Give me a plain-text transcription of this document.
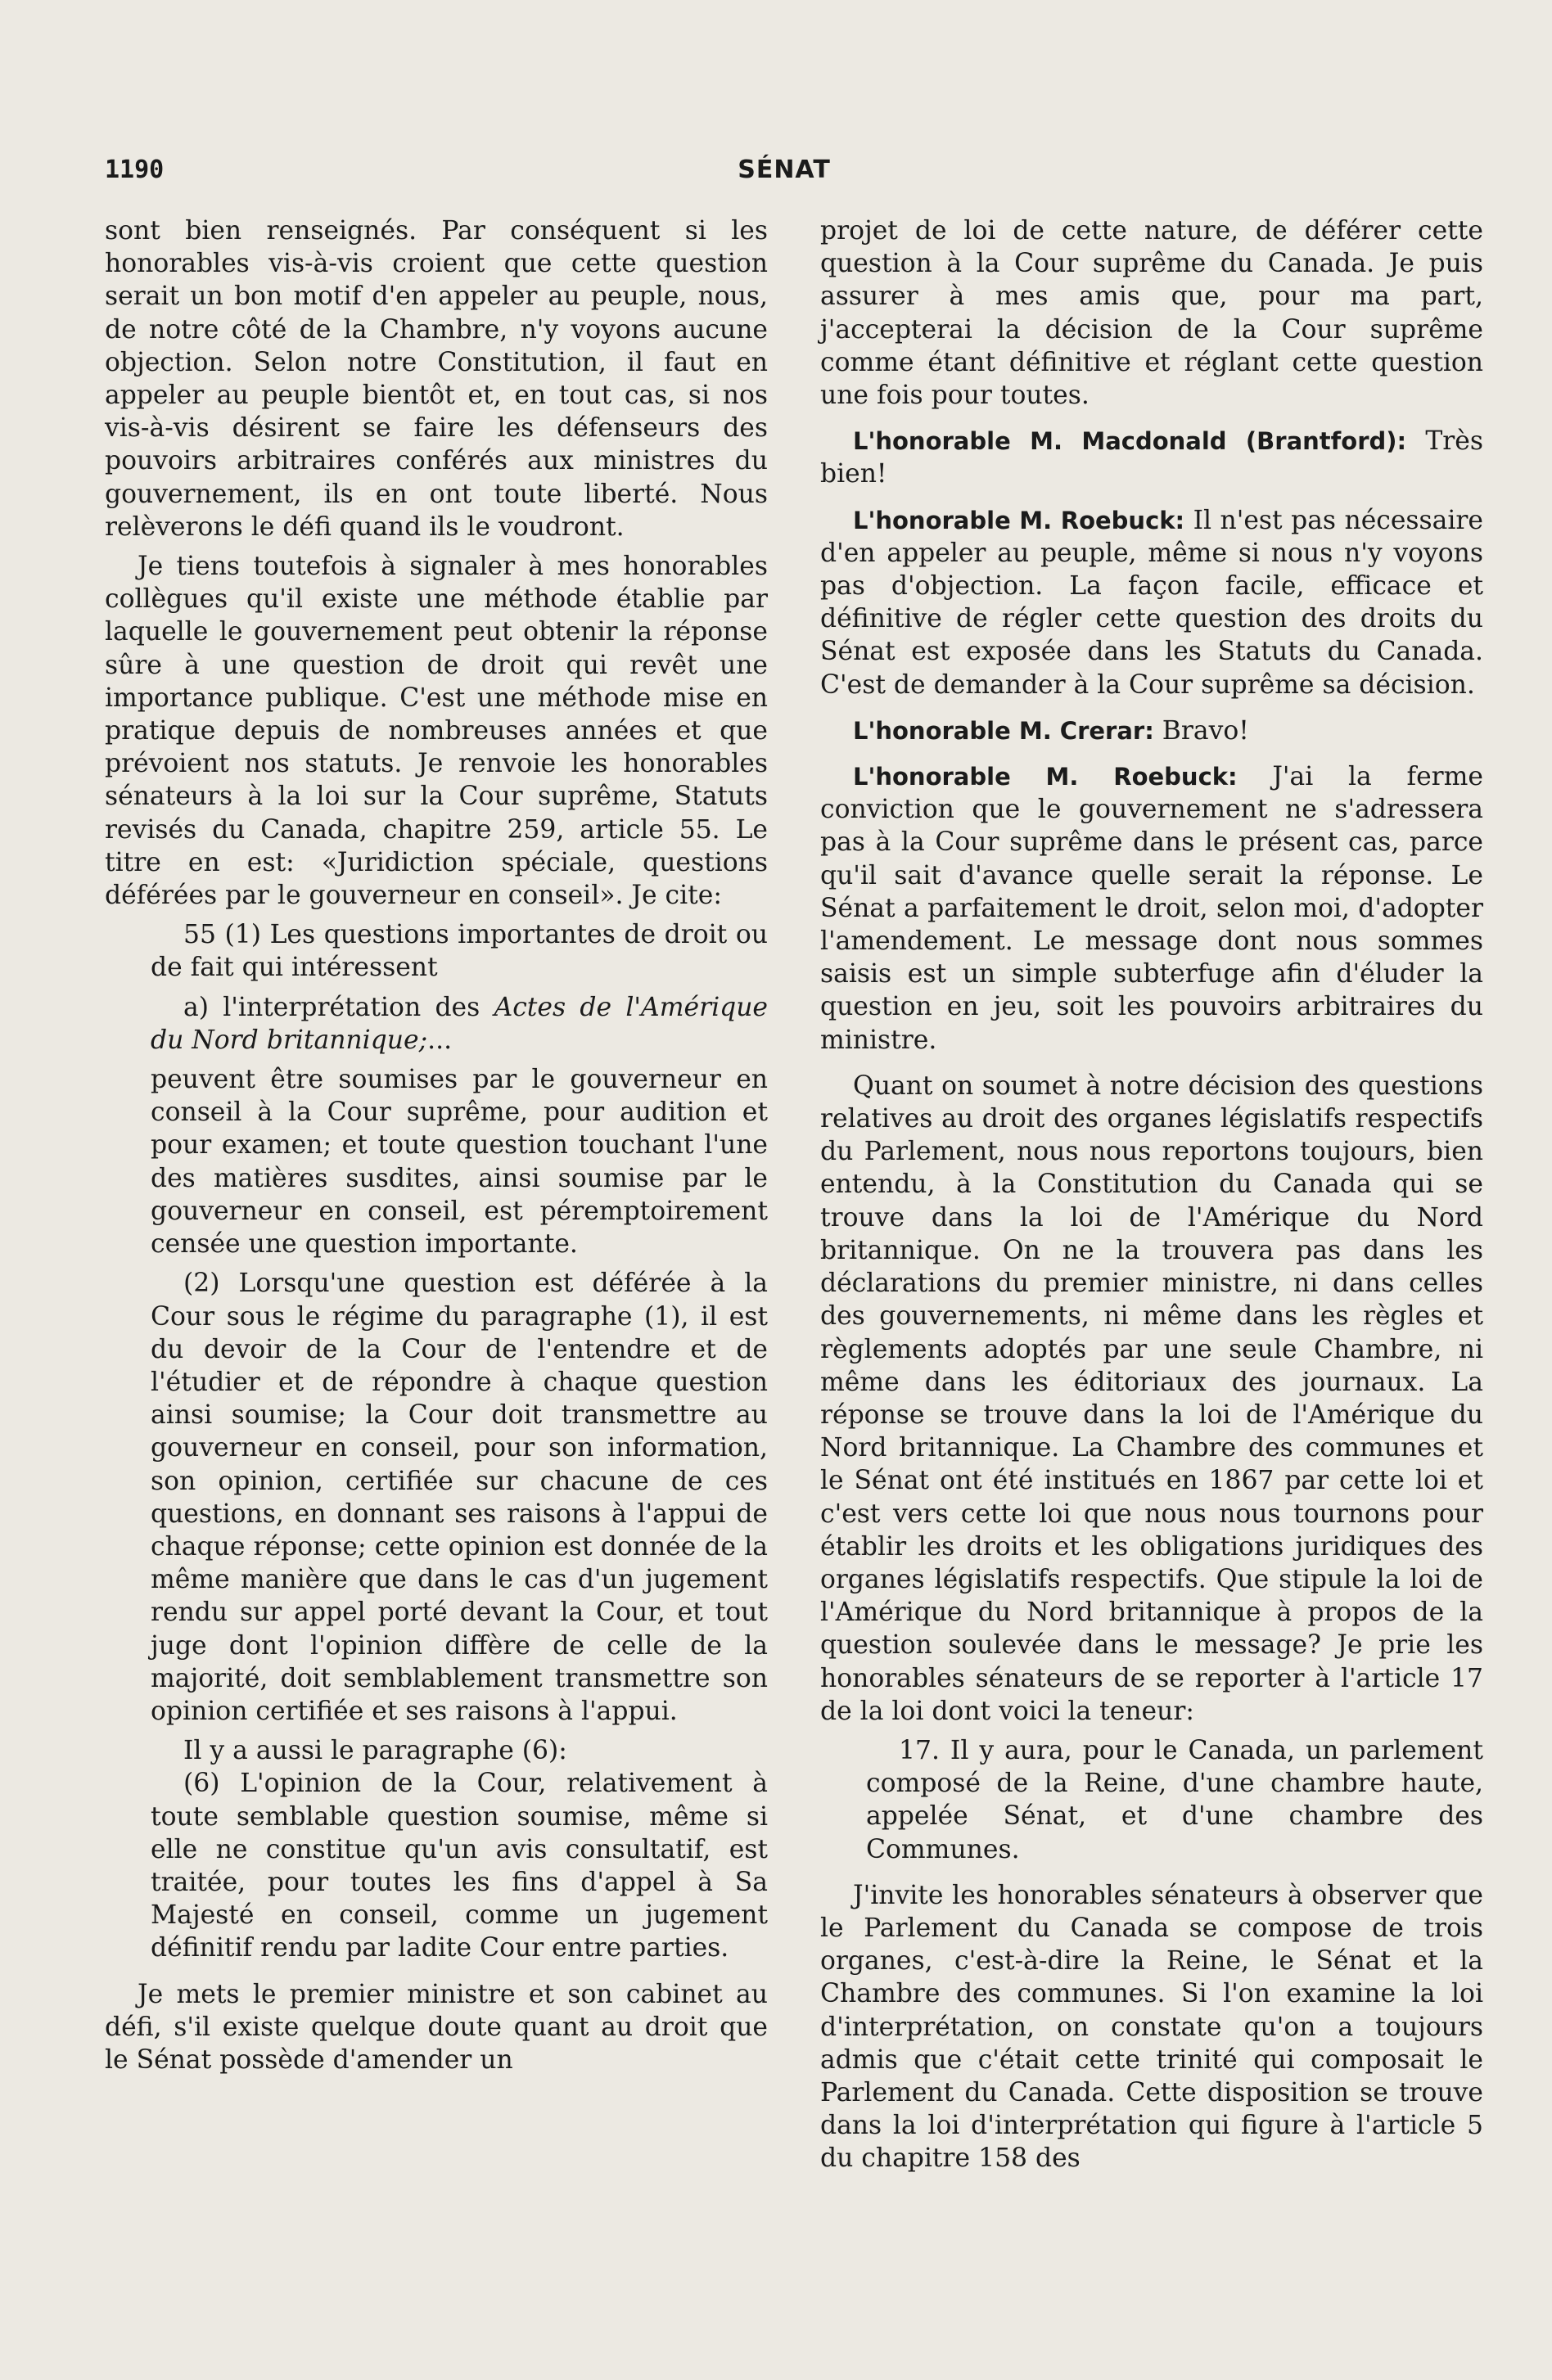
1190	SÉNAT

sont bien renseignés. Par conséquent si les honorables vis-à-vis croient que cette question serait un bon motif d'en appeler au peuple, nous, de notre côté de la Chambre, n'y voyons aucune objection. Selon notre Constitution, il faut en appeler au peuple bientôt et, en tout cas, si nos vis-à-vis désirent se faire les défenseurs des pouvoirs arbitraires conférés aux ministres du gouvernement, ils en ont toute liberté. Nous relèverons le défi quand ils le voudront.

Je tiens toutefois à signaler à mes honorables collègues qu'il existe une méthode établie par laquelle le gouvernement peut obtenir la réponse sûre à une question de droit qui revêt une importance publique. C'est une méthode mise en pratique depuis de nombreuses années et que prévoient nos statuts. Je renvoie les honorables sénateurs à la loi sur la Cour suprême, Statuts revisés du Canada, chapitre 259, article 55. Le titre en est: «Juridiction spéciale, questions déférées par le gouverneur en conseil». Je cite:

55 (1) Les questions importantes de droit ou de fait qui intéressent

a) l'interprétation des Actes de l'Amérique du Nord britannique;...

peuvent être soumises par le gouverneur en conseil à la Cour suprême, pour audition et pour examen; et toute question touchant l'une des matières susdites, ainsi soumise par le gouverneur en conseil, est péremptoirement censée une question importante.

(2) Lorsqu'une question est déférée à la Cour sous le régime du paragraphe (1), il est du devoir de la Cour de l'entendre et de l'étudier et de répondre à chaque question ainsi soumise; la Cour doit transmettre au gouverneur en conseil, pour son information, son opinion, certifiée sur chacune de ces questions, en donnant ses raisons à l'appui de chaque réponse; cette opinion est donnée de la même manière que dans le cas d'un jugement rendu sur appel porté devant la Cour, et tout juge dont l'opinion diffère de celle de la majorité, doit semblablement transmettre son opinion certifiée et ses raisons à l'appui.

Il y a aussi le paragraphe (6):

(6) L'opinion de la Cour, relativement à toute semblable question soumise, même si elle ne constitue qu'un avis consultatif, est traitée, pour toutes les fins d'appel à Sa Majesté en conseil, comme un jugement définitif rendu par ladite Cour entre parties.

Je mets le premier ministre et son cabinet au défi, s'il existe quelque doute quant au droit que le Sénat possède d'amender un

projet de loi de cette nature, de déférer cette question à la Cour suprême du Canada. Je puis assurer à mes amis que, pour ma part, j'accepterai la décision de la Cour suprême comme étant définitive et réglant cette question une fois pour toutes.

L'honorable M. Macdonald (Brantford): Très bien!

L'honorable M. Roebuck: Il n'est pas nécessaire d'en appeler au peuple, même si nous n'y voyons pas d'objection. La façon facile, efficace et définitive de régler cette question des droits du Sénat est exposée dans les Statuts du Canada. C'est de demander à la Cour suprême sa décision.

L'honorable M. Crerar: Bravo!

L'honorable M. Roebuck: J'ai la ferme conviction que le gouvernement ne s'adressera pas à la Cour suprême dans le présent cas, parce qu'il sait d'avance quelle serait la réponse. Le Sénat a parfaitement le droit, selon moi, d'adopter l'amendement. Le message dont nous sommes saisis est un simple subterfuge afin d'éluder la question en jeu, soit les pouvoirs arbitraires du ministre.

Quant on soumet à notre décision des questions relatives au droit des organes législatifs respectifs du Parlement, nous nous reportons toujours, bien entendu, à la Constitution du Canada qui se trouve dans la loi de l'Amérique du Nord britannique. On ne la trouvera pas dans les déclarations du premier ministre, ni dans celles des gouvernements, ni même dans les règles et règlements adoptés par une seule Chambre, ni même dans les éditoriaux des journaux. La réponse se trouve dans la loi de l'Amérique du Nord britannique. La Chambre des communes et le Sénat ont été institués en 1867 par cette loi et c'est vers cette loi que nous nous tournons pour établir les droits et les obligations juridiques des organes législatifs respectifs. Que stipule la loi de l'Amérique du Nord britannique à propos de la question soulevée dans le message? Je prie les honorables sénateurs de se reporter à l'article 17 de la loi dont voici la teneur:

17. Il y aura, pour le Canada, un parlement composé de la Reine, d'une chambre haute, appelée Sénat, et d'une chambre des Communes.

J'invite les honorables sénateurs à observer que le Parlement du Canada se compose de trois organes, c'est-à-dire la Reine, le Sénat et la Chambre des communes. Si l'on examine la loi d'interprétation, on constate qu'on a toujours admis que c'était cette trinité qui composait le Parlement du Canada. Cette disposition se trouve dans la loi d'interprétation qui figure à l'article 5 du chapitre 158 des
